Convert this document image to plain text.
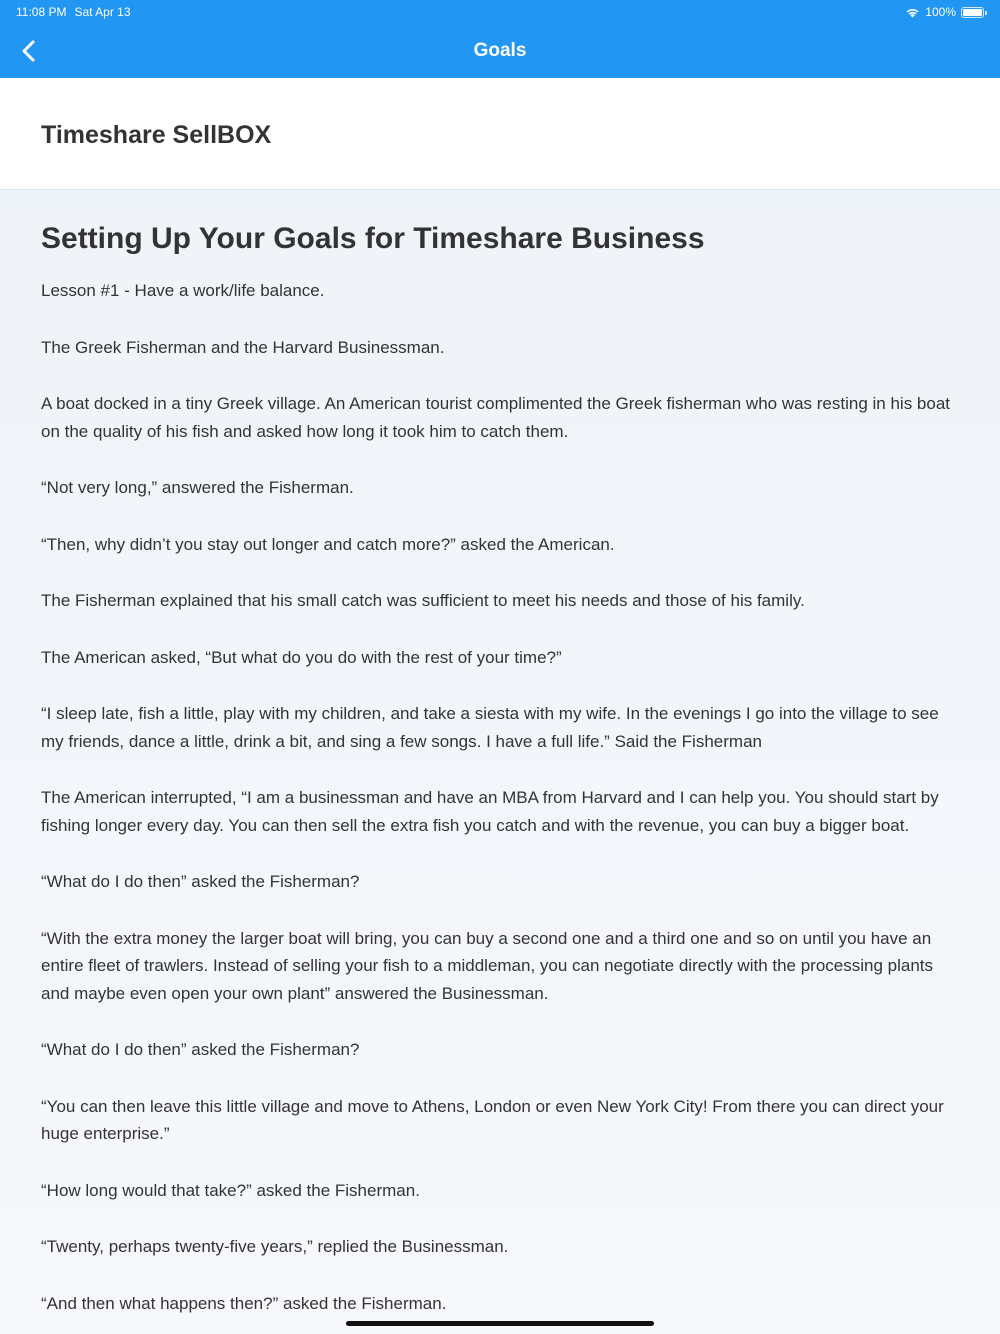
11:08 PM Sat Apr 13	100%
Goals
Timeshare SellBOX
Setting Up Your Goals for Timeshare Business

Lesson #1 - Have a work/life balance.

The Greek Fisherman and the Harvard Businessman.

A boat docked in a tiny Greek village. An American tourist complimented the Greek fisherman who was resting in his boat on the quality of his fish and asked how long it took him to catch them.

“Not very long,” answered the Fisherman.

“Then, why didn’t you stay out longer and catch more?” asked the American.

The Fisherman explained that his small catch was sufficient to meet his needs and those of his family.

The American asked, “But what do you do with the rest of your time?”

“I sleep late, fish a little, play with my children, and take a siesta with my wife. In the evenings I go into the village to see my friends, dance a little, drink a bit, and sing a few songs. I have a full life.” Said the Fisherman

The American interrupted, “I am a businessman and have an MBA from Harvard and I can help you. You should start by fishing longer every day. You can then sell the extra fish you catch and with the revenue, you can buy a bigger boat.

“What do I do then” asked the Fisherman?

“With the extra money the larger boat will bring, you can buy a second one and a third one and so on until you have an entire fleet of trawlers. Instead of selling your fish to a middleman, you can negotiate directly with the processing plants and maybe even open your own plant” answered the Businessman.

“What do I do then” asked the Fisherman?

“You can then leave this little village and move to Athens, London or even New York City! From there you can direct your huge enterprise.”

“How long would that take?” asked the Fisherman.

“Twenty, perhaps twenty-five years,” replied the Businessman.

“And then what happens then?” asked the Fisherman.
